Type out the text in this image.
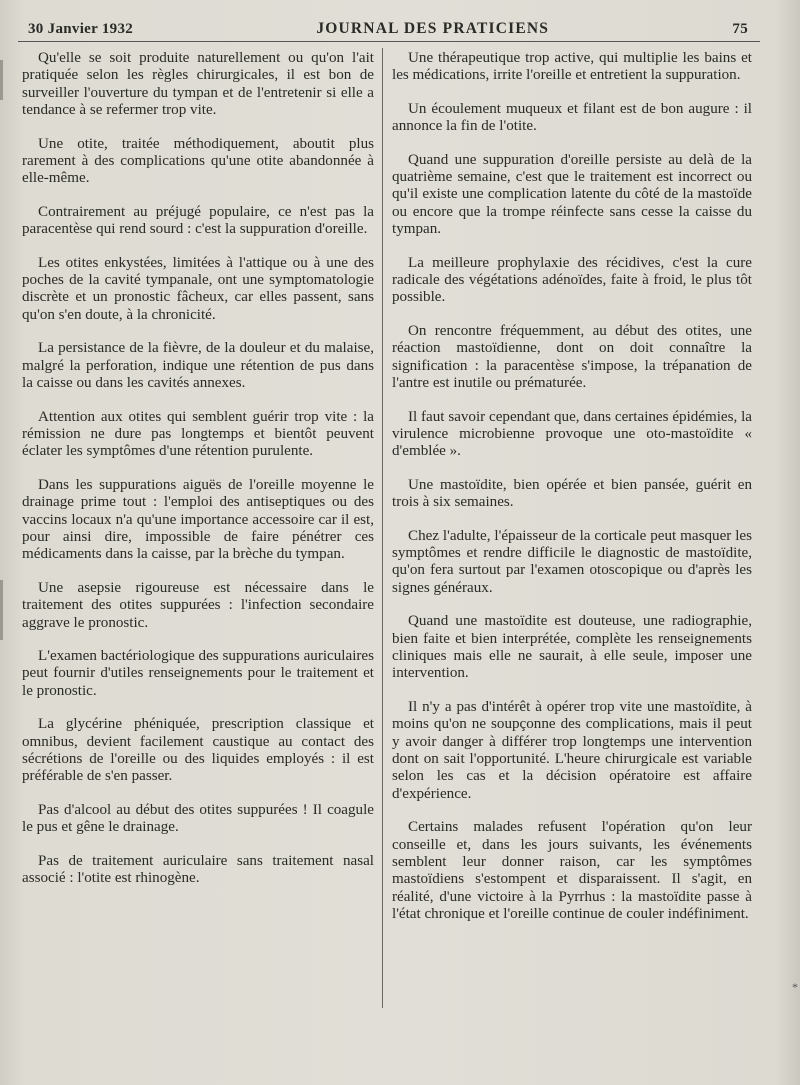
30 Janvier 1932	JOURNAL DES PRATICIENS	75

Qu'elle se soit produite naturellement ou qu'on l'ait pratiquée selon les règles chirurgicales, il est bon de surveiller l'ouverture du tympan et de l'entretenir si elle a tendance à se refermer trop vite.

Une otite, traitée méthodiquement, aboutit plus rarement à des complications qu'une otite abandonnée à elle-même.

Contrairement au préjugé populaire, ce n'est pas la paracentèse qui rend sourd : c'est la suppuration d'oreille.

Les otites enkystées, limitées à l'attique ou à une des poches de la cavité tympanale, ont une symptomatologie discrète et un pronostic fâcheux, car elles passent, sans qu'on s'en doute, à la chronicité.

La persistance de la fièvre, de la douleur et du malaise, malgré la perforation, indique une rétention de pus dans la caisse ou dans les cavités annexes.

Attention aux otites qui semblent guérir trop vite : la rémission ne dure pas longtemps et bientôt peuvent éclater les symptômes d'une rétention purulente.

Dans les suppurations aiguës de l'oreille moyenne le drainage prime tout : l'emploi des antiseptiques ou des vaccins locaux n'a qu'une importance accessoire car il est, pour ainsi dire, impossible de faire pénétrer ces médicaments dans la caisse, par la brèche du tympan.

Une asepsie rigoureuse est nécessaire dans le traitement des otites suppurées : l'infection secondaire aggrave le pronostic.

L'examen bactériologique des suppurations auriculaires peut fournir d'utiles renseignements pour le traitement et le pronostic.

La glycérine phéniquée, prescription classique et omnibus, devient facilement caustique au contact des sécrétions de l'oreille ou des liquides employés : il est préférable de s'en passer.

Pas d'alcool au début des otites suppurées ! Il coagule le pus et gêne le drainage.

Pas de traitement auriculaire sans traitement nasal associé : l'otite est rhinogène.

Une thérapeutique trop active, qui multiplie les bains et les médications, irrite l'oreille et entretient la suppuration.

Un écoulement muqueux et filant est de bon augure : il annonce la fin de l'otite.

Quand une suppuration d'oreille persiste au delà de la quatrième semaine, c'est que le traitement est incorrect ou qu'il existe une complication latente du côté de la mastoïde ou encore que la trompe réinfecte sans cesse la caisse du tympan.

La meilleure prophylaxie des récidives, c'est la cure radicale des végétations adénoïdes, faite à froid, le plus tôt possible.

On rencontre fréquemment, au début des otites, une réaction mastoïdienne, dont on doit connaître la signification : la paracentèse s'impose, la trépanation de l'antre est inutile ou prématurée.

Il faut savoir cependant que, dans certaines épidémies, la virulence microbienne provoque une oto-mastoïdite « d'emblée ».

Une mastoïdite, bien opérée et bien pansée, guérit en trois à six semaines.

Chez l'adulte, l'épaisseur de la corticale peut masquer les symptômes et rendre difficile le diagnostic de mastoïdite, qu'on fera surtout par l'examen otoscopique ou d'après les signes généraux.

Quand une mastoïdite est douteuse, une radiographie, bien faite et bien interprétée, complète les renseignements cliniques mais elle ne saurait, à elle seule, imposer une intervention.

Il n'y a pas d'intérêt à opérer trop vite une mastoïdite, à moins qu'on ne soupçonne des complications, mais il peut y avoir danger à différer trop longtemps une intervention dont on sait l'opportunité. L'heure chirurgicale est variable selon les cas et la décision opératoire est affaire d'expérience.

Certains malades refusent l'opération qu'on leur conseille et, dans les jours suivants, les événements semblent leur donner raison, car les symptômes mastoïdiens s'estompent et disparaissent. Il s'agit, en réalité, d'une victoire à la Pyrrhus : la mastoïdite passe à l'état chronique et l'oreille continue de couler indéfiniment.

*
